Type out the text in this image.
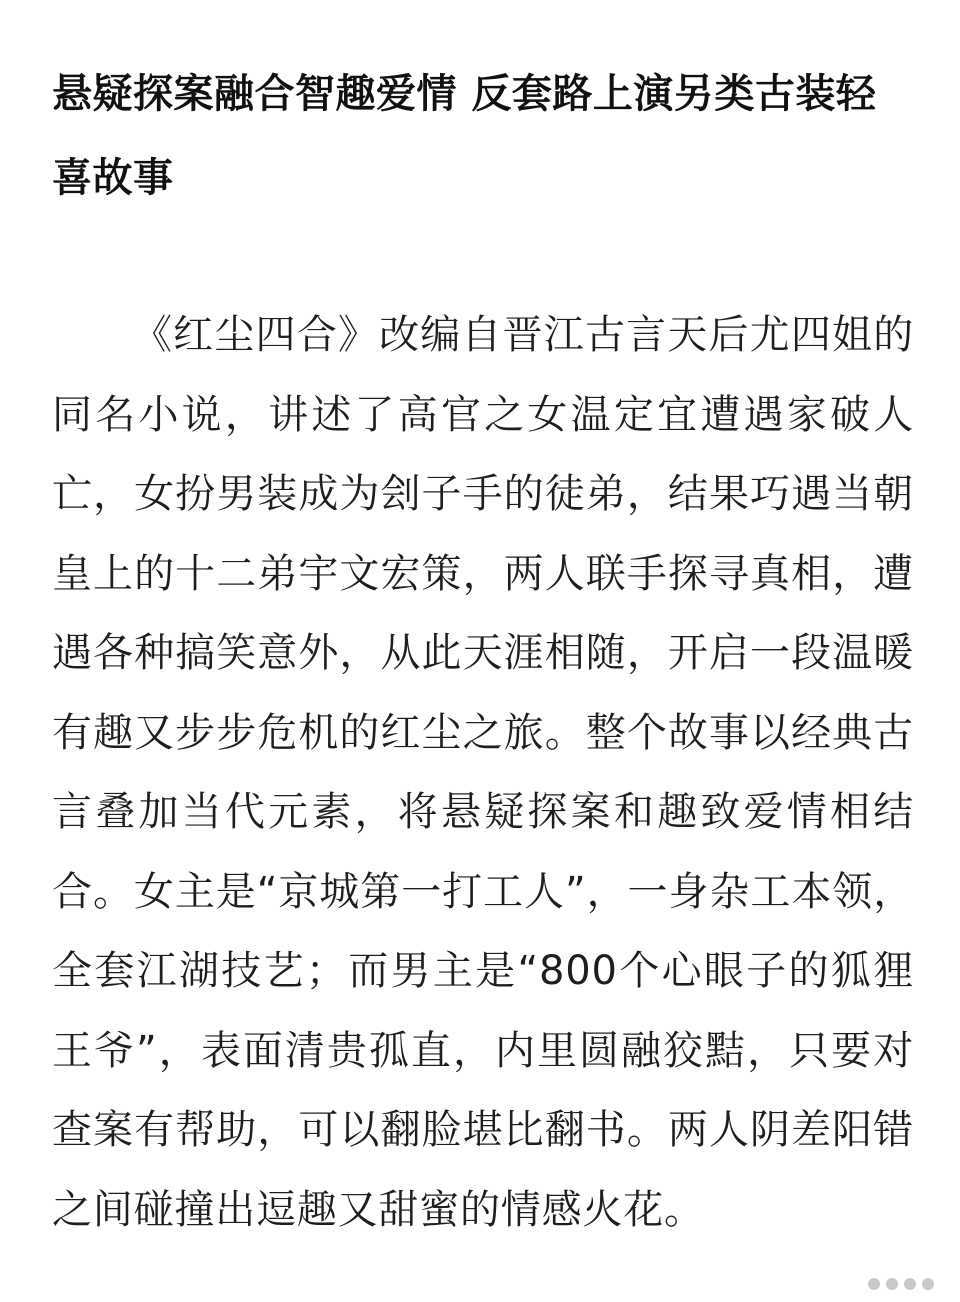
悬疑探案融合智趣爱情 反套路上演另类古装轻喜故事

《红尘四合》改编自晋江古言天后尤四姐的同名小说，讲述了高官之女温定宜遭遇家破人亡，女扮男装成为刽子手的徒弟，结果巧遇当朝皇上的十二弟宇文宏策，两人联手探寻真相，遭遇各种搞笑意外，从此天涯相随，开启一段温暖有趣又步步危机的红尘之旅。整个故事以经典古言叠加当代元素，将悬疑探案和趣致爱情相结合。女主是“京城第一打工人”，一身杂工本领，全套江湖技艺；而男主是“800个心眼子的狐狸王爷”，表面清贵孤直，内里圆融狡黠，只要对查案有帮助，可以翻脸堪比翻书。两人阴差阳错之间碰撞出逗趣又甜蜜的情感火花。
